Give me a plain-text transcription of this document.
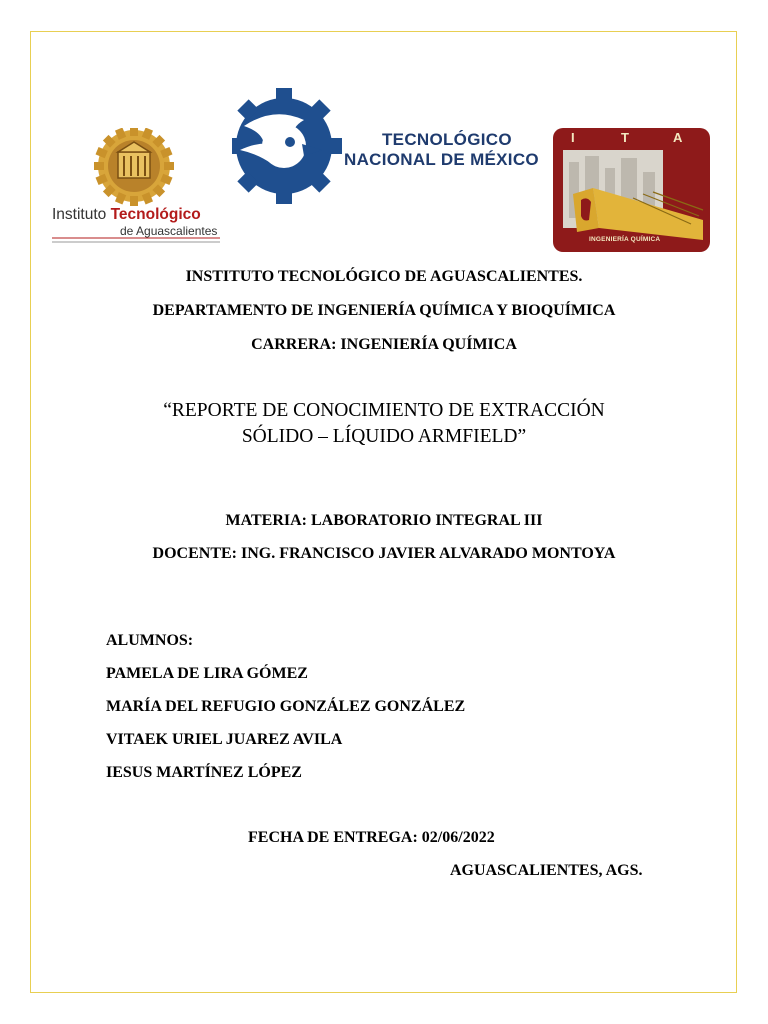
Instituto Tecnológico
de Aguascalientes
TECNOLÓGICO
NACIONAL DE MÉXICO
I	T	A
INGENIERÍA QUÍMICA
INSTITUTO TECNOLÓGICO DE AGUASCALIENTES.
DEPARTAMENTO DE INGENIERÍA QUÍMICA Y BIOQUÍMICA
CARRERA: INGENIERÍA QUÍMICA
“REPORTE DE CONOCIMIENTO DE EXTRACCIÓN
SÓLIDO – LÍQUIDO ARMFIELD”
MATERIA: LABORATORIO INTEGRAL III
DOCENTE: ING. FRANCISCO JAVIER ALVARADO MONTOYA
ALUMNOS:
PAMELA DE LIRA GÓMEZ
MARÍA DEL REFUGIO GONZÁLEZ GONZÁLEZ
VITAEK URIEL JUAREZ AVILA
IESUS MARTÍNEZ LÓPEZ
FECHA DE ENTREGA: 02/06/2022
AGUASCALIENTES, AGS.
